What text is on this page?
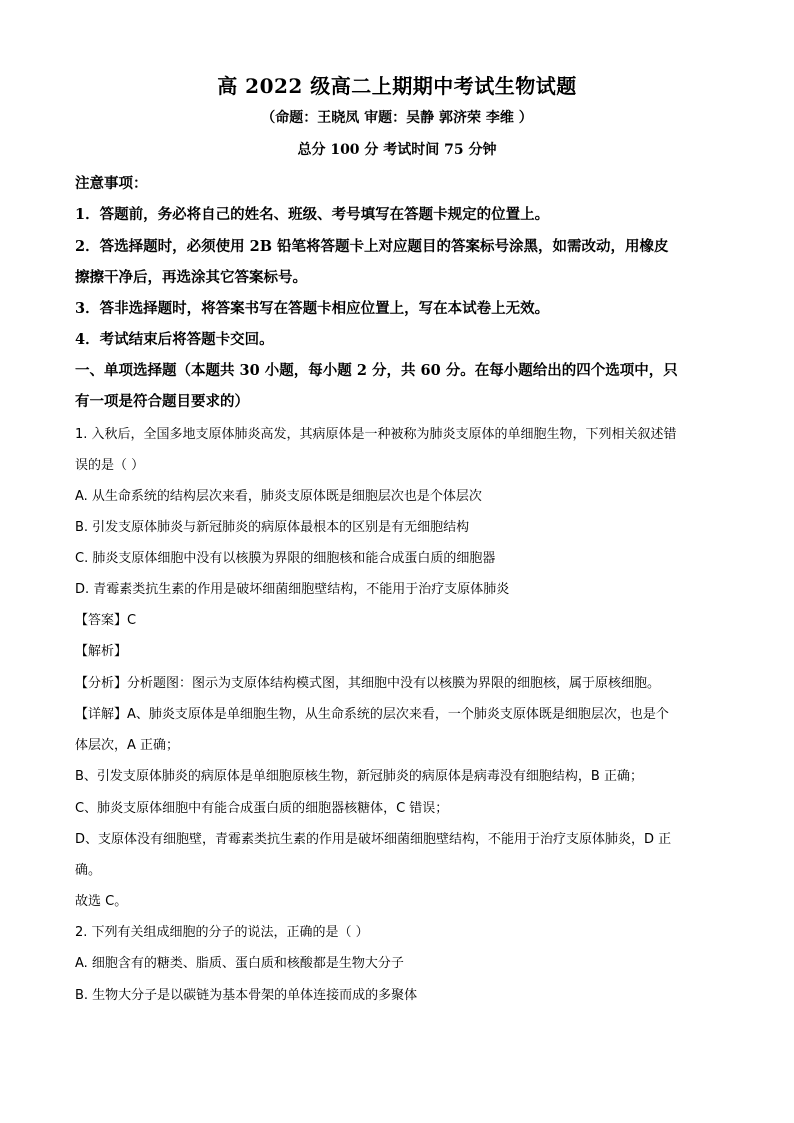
高 2022 级高二上期期中考试生物试题
（命题：王晓凤 审题：吴静 郭济荣 李维 ）
总分 100 分 考试时间 75 分钟
注意事项：
1．答题前，务必将自己的姓名、班级、考号填写在答题卡规定的位置上。
2．答选择题时，必须使用 2B 铅笔将答题卡上对应题目的答案标号涂黑，如需改动，用橡皮
擦擦干净后，再选涂其它答案标号。
3．答非选择题时，将答案书写在答题卡相应位置上，写在本试卷上无效。
4．考试结束后将答题卡交回。
一、单项选择题（本题共 30 小题，每小题 2 分，共 60 分。在每小题给出的四个选项中，只
有一项是符合题目要求的）
1. 入秋后，全国多地支原体肺炎高发，其病原体是一种被称为肺炎支原体的单细胞生物，下列相关叙述错
误的是（ ）
A. 从生命系统的结构层次来看，肺炎支原体既是细胞层次也是个体层次
B. 引发支原体肺炎与新冠肺炎的病原体最根本的区别是有无细胞结构
C. 肺炎支原体细胞中没有以核膜为界限的细胞核和能合成蛋白质的细胞器
D. 青霉素类抗生素的作用是破坏细菌细胞壁结构，不能用于治疗支原体肺炎
【答案】C
【解析】
【分析】分析题图：图示为支原体结构模式图，其细胞中没有以核膜为界限的细胞核，属于原核细胞。
【详解】A、肺炎支原体是单细胞生物，从生命系统的层次来看，一个肺炎支原体既是细胞层次，也是个
体层次，A 正确；
B、引发支原体肺炎的病原体是单细胞原核生物，新冠肺炎的病原体是病毒没有细胞结构，B 正确；
C、肺炎支原体细胞中有能合成蛋白质的细胞器核糖体，C 错误；
D、支原体没有细胞壁，青霉素类抗生素的作用是破坏细菌细胞壁结构，不能用于治疗支原体肺炎，D 正
确。
故选 C。
2. 下列有关组成细胞的分子的说法，正确的是（ ）
A. 细胞含有的糖类、脂质、蛋白质和核酸都是生物大分子
B. 生物大分子是以碳链为基本骨架的单体连接而成的多聚体
